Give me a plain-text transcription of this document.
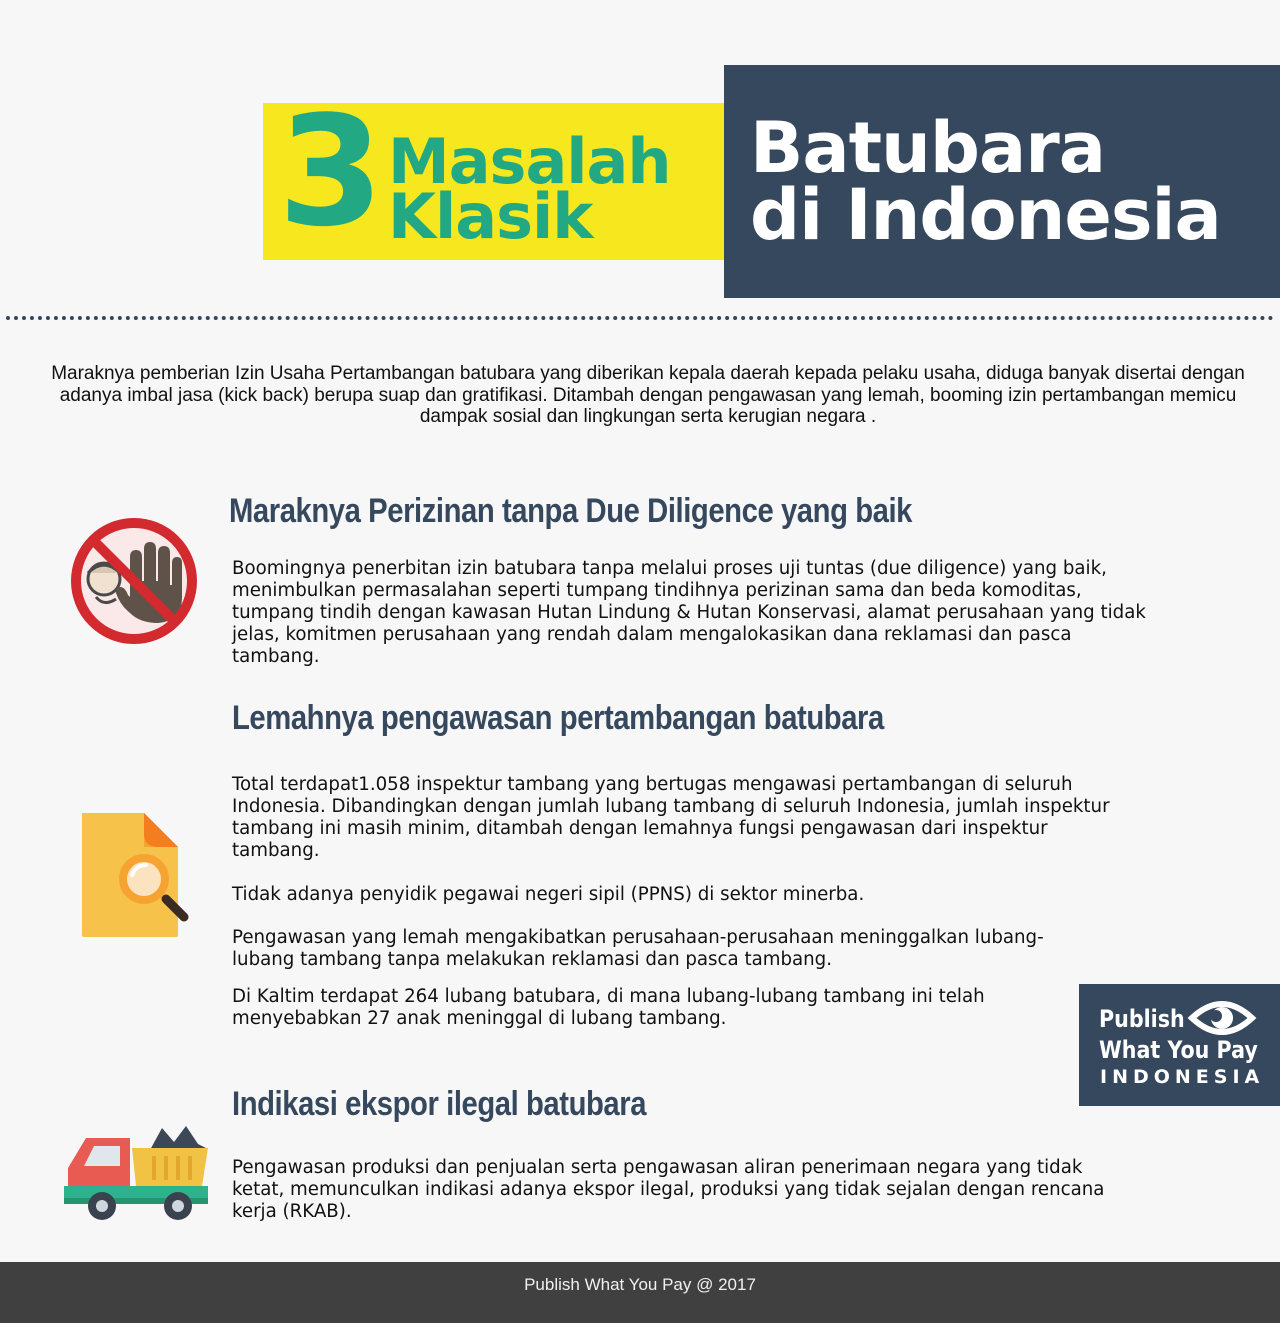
3 Masalah
Klasik
Batubara
di Indonesia
Maraknya pemberian Izin Usaha Pertambangan batubara yang diberikan kepala daerah kepada pelaku usaha, diduga banyak disertai dengan adanya imbal jasa (kick back) berupa suap dan gratifikasi. Ditambah dengan pengawasan yang lemah, booming izin pertambangan memicu dampak sosial dan lingkungan serta kerugian negara .
Maraknya Perizinan tanpa Due Diligence yang baik
Boomingnya penerbitan izin batubara tanpa melalui proses uji tuntas (due diligence) yang baik, menimbulkan permasalahan seperti tumpang tindihnya perizinan sama dan beda komoditas, tumpang tindih dengan kawasan Hutan Lindung & Hutan Konservasi, alamat perusahaan yang tidak jelas, komitmen perusahaan yang rendah dalam mengalokasikan dana reklamasi dan pasca tambang.
Lemahnya pengawasan pertambangan batubara
Total terdapat1.058 inspektur tambang yang bertugas mengawasi pertambangan di seluruh Indonesia. Dibandingkan dengan jumlah lubang tambang di seluruh Indonesia, jumlah inspektur tambang ini masih minim, ditambah dengan lemahnya fungsi pengawasan dari inspektur tambang.
Tidak adanya penyidik pegawai negeri sipil (PPNS) di sektor minerba.
Pengawasan yang lemah mengakibatkan perusahaan-perusahaan meninggalkan lubang-lubang tambang tanpa melakukan reklamasi dan pasca tambang.
Di Kaltim terdapat 264 lubang batubara, di mana lubang-lubang tambang ini telah menyebabkan 27 anak meninggal di lubang tambang.	Publish
What You Pay
INDONESIA
Indikasi ekspor ilegal batubara
Pengawasan produksi dan penjualan serta pengawasan aliran penerimaan negara yang tidak ketat, memunculkan indikasi adanya ekspor ilegal, produksi yang tidak sejalan dengan rencana kerja (RKAB).
Publish What You Pay @ 2017
